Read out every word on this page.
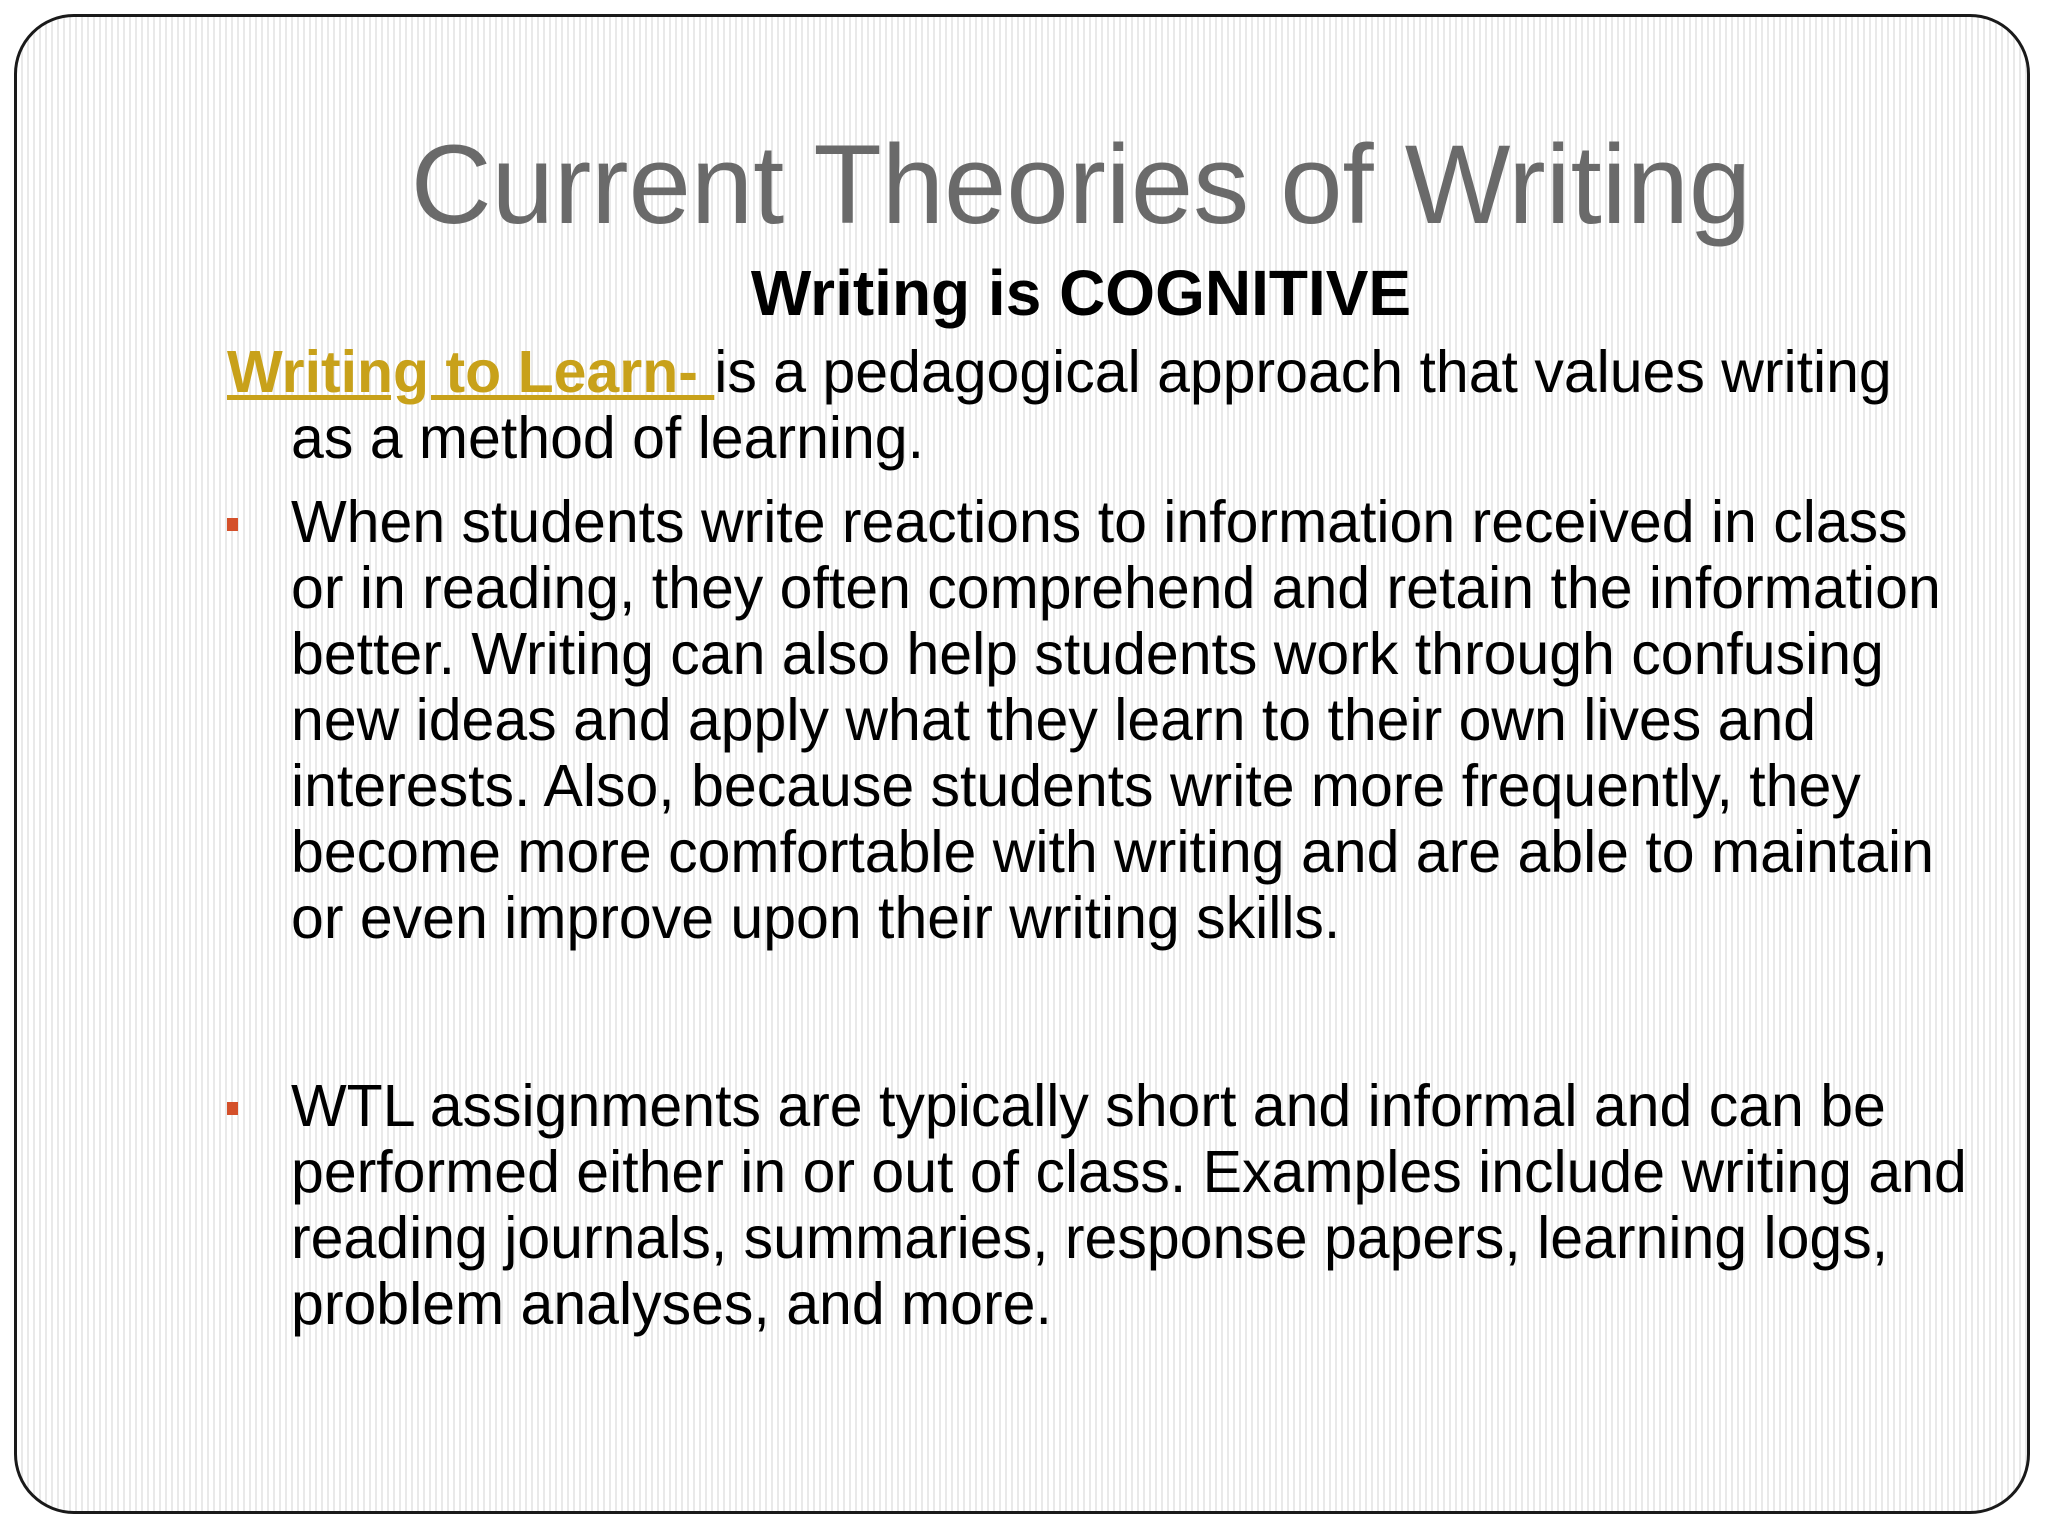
Current Theories of Writing
Writing is COGNITIVE

Writing to Learn- is a pedagogical approach that values writing as a method of learning.

When students write reactions to information received in class or in reading, they often comprehend and retain the information better. Writing can also help students work through confusing new ideas and apply what they learn to their own lives and interests. Also, because students write more frequently, they become more comfortable with writing and are able to maintain or even improve upon their writing skills.

WTL assignments are typically short and informal and can be performed either in or out of class. Examples include writing and reading journals, summaries, response papers, learning logs, problem analyses, and more.
